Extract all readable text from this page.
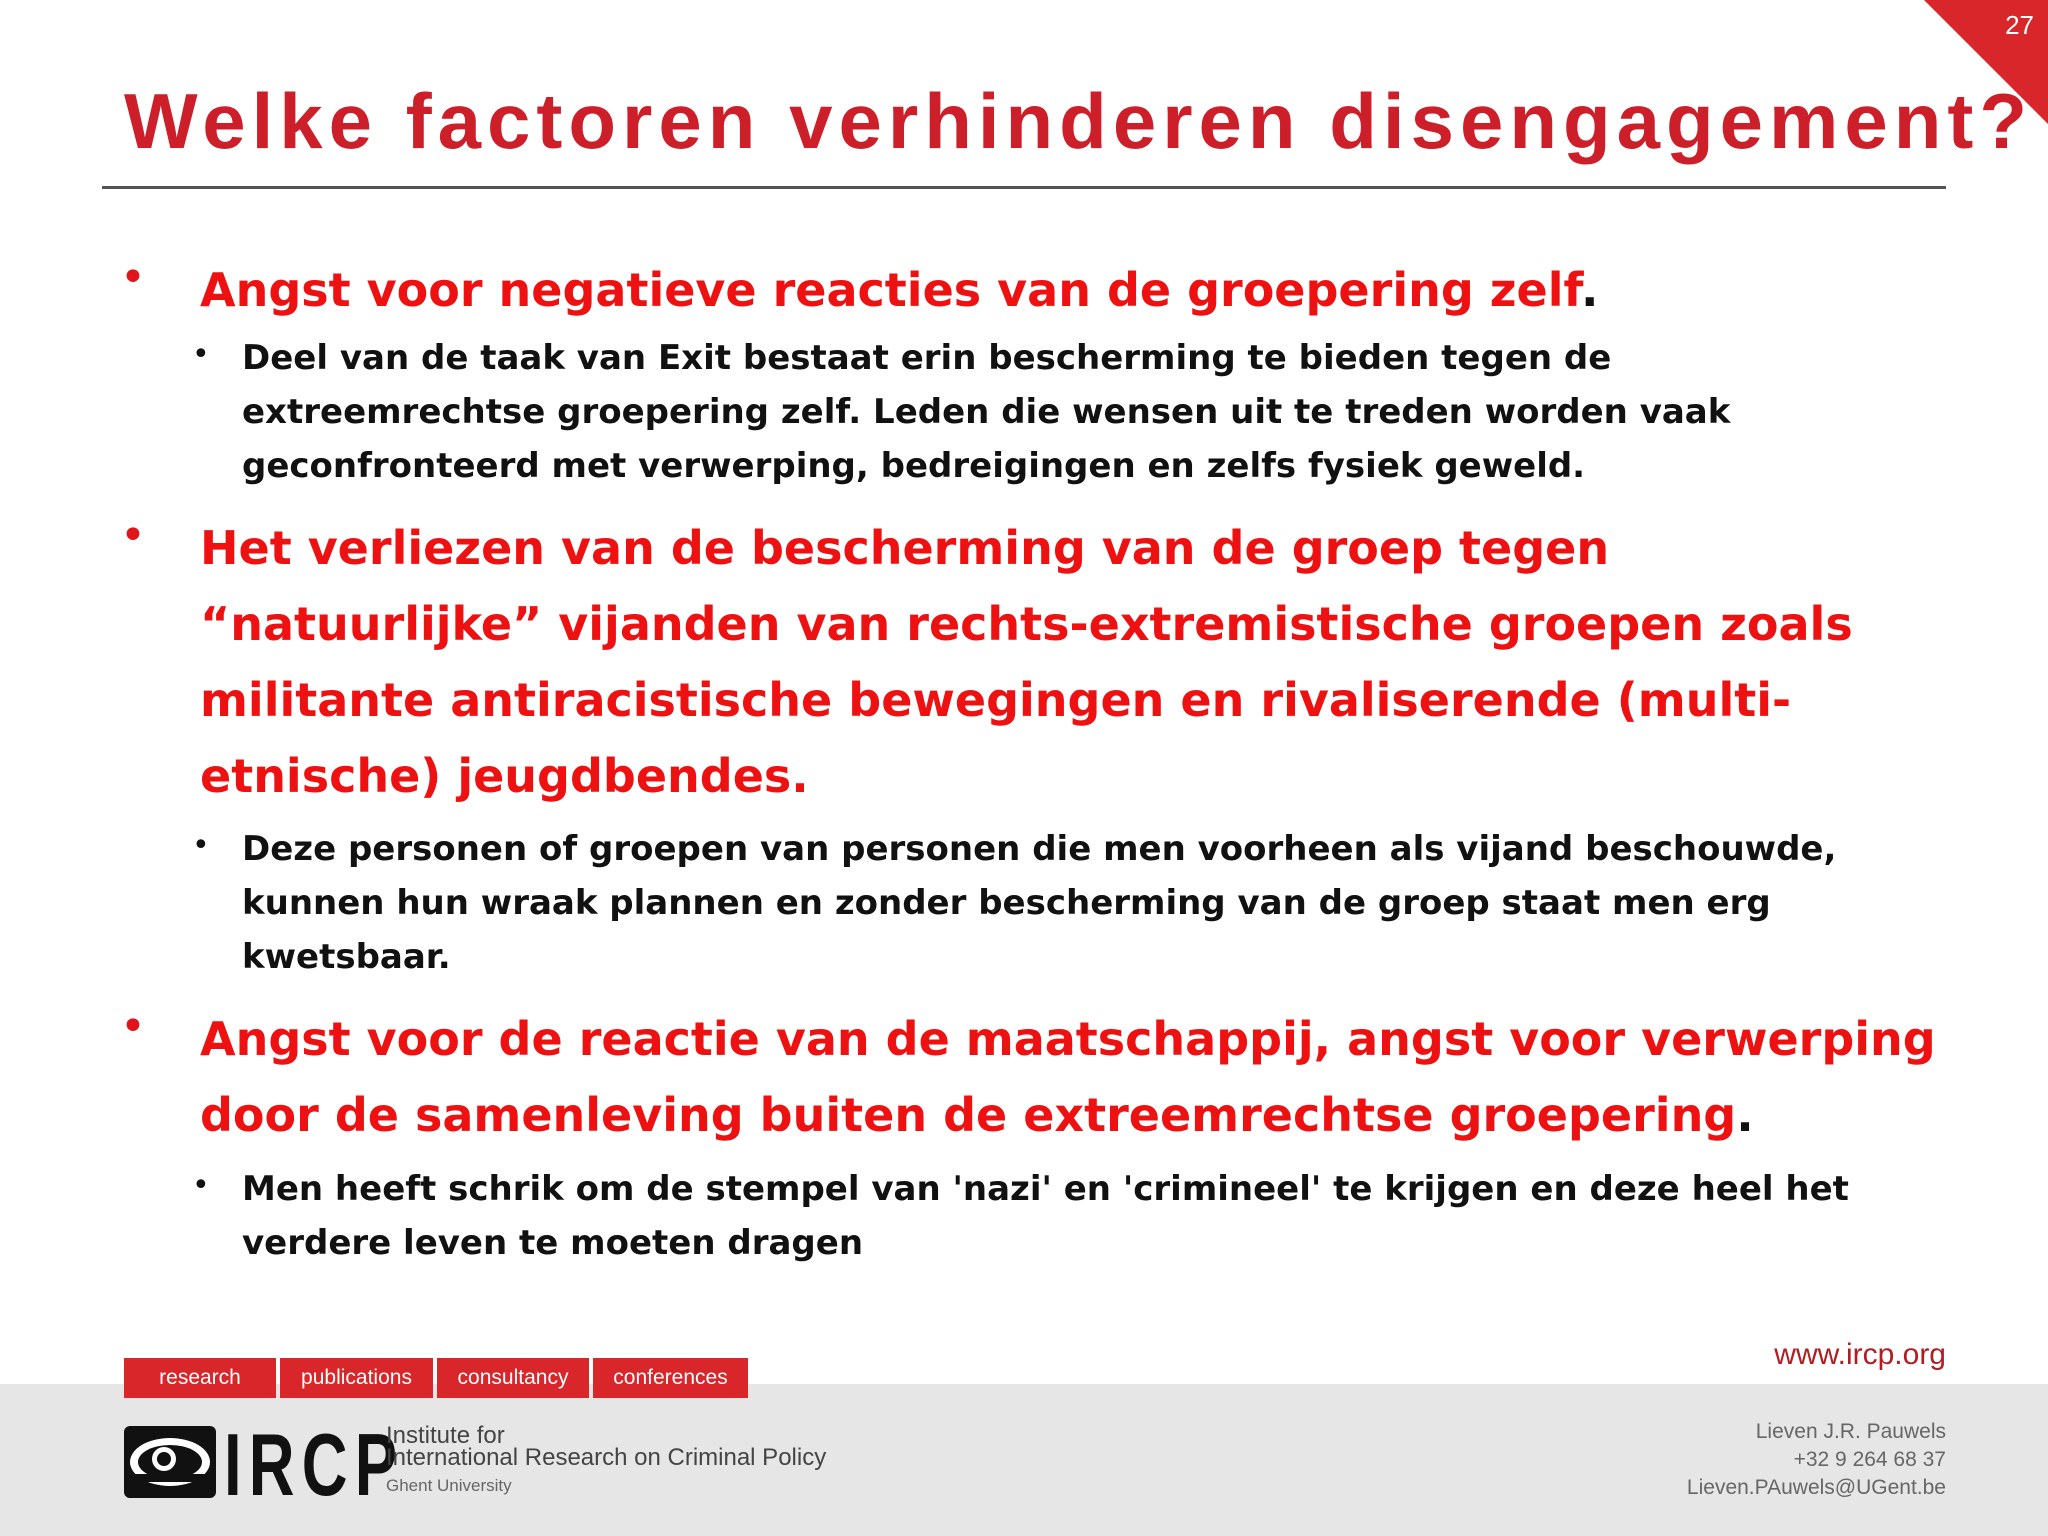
27
Welke factoren verhinderen disengagement?
• Angst voor negatieve reacties van de groepering zelf.
• Deel van de taak van Exit bestaat erin bescherming te bieden tegen de extreemrechtse groepering zelf. Leden die wensen uit te treden worden vaak geconfronteerd met verwerping, bedreigingen en zelfs fysiek geweld.
• Het verliezen van de bescherming van de groep tegen “natuurlijke” vijanden van rechts-extremistische groepen zoals militante antiracistische bewegingen en rivaliserende (multi-etnische) jeugdbendes.
• Deze personen of groepen van personen die men voorheen als vijand beschouwde, kunnen hun wraak plannen en zonder bescherming van de groep staat men erg kwetsbaar.
• Angst voor de reactie van de maatschappij, angst voor verwerping door de samenleving buiten de extreemrechtse groepering.
• Men heeft schrik om de stempel van 'nazi' en 'crimineel' te krijgen en deze heel het verdere leven te moeten dragen
research	publications	consultancy	conferences
www.ircp.org
IRCP
Institute for
International Research on Criminal Policy
Ghent University
Lieven J.R. Pauwels
+32 9 264 68 37
Lieven.PAuwels@UGent.be
